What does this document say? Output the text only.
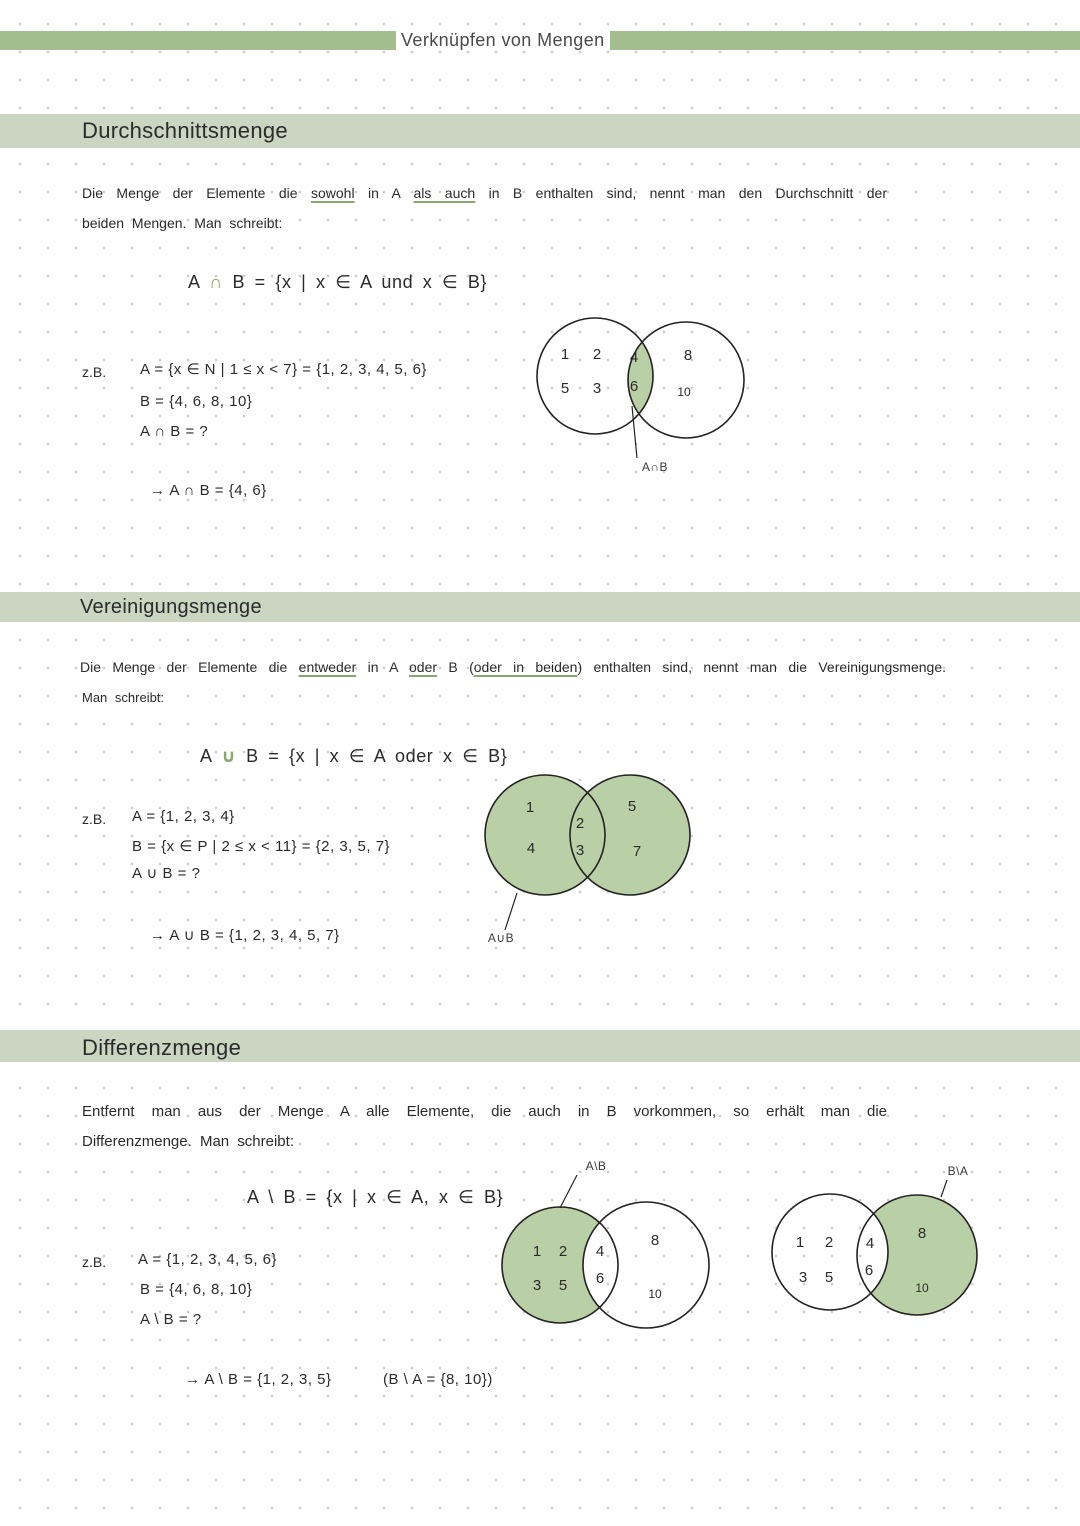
Verknüpfen von Mengen
Durchschnittsmenge
Die Menge der Elemente die sowohl in A als auch in B enthalten sind, nennt man den Durchschnitt der
beiden Mengen. Man schreibt:
A ∩ B = {x | x ∈ A und x ∈ B}
z.B. A = {x ∈ N | 1 ≤ x < 7} = {1, 2, 3, 4, 5, 6}
B = {4, 6, 8, 10}
A ∩ B = ?
→ A ∩ B = {4, 6}
Vereinigungsmenge
Die Menge der Elemente die entweder in A oder B (oder in beiden) enthalten sind, nennt man die Vereinigungsmenge.
Man schreibt:
A ∪ B = {x | x ∈ A oder x ∈ B}
z.B. A = {1, 2, 3, 4}
B = {x ∈ P | 2 ≤ x < 11} = {2, 3, 5, 7}
A ∪ B = ?
→ A ∪ B = {1, 2, 3, 4, 5, 7}
Differenzmenge
Entfernt man aus der Menge A alle Elemente, die auch in B vorkommen, so erhält man die
Differenzmenge. Man schreibt:
A \ B = {x | x ∈ A, x ∈ B}
z.B. A = {1, 2, 3, 4, 5, 6}
B = {4, 6, 8, 10}
A \ B = ?
→ A \ B = {1, 2, 3, 5}	(B \ A = {8, 10})
1 2
5 3
4
6
8
10
A∩B
1
4
2
3
5
7
A∪B
1 2
3 5
4
6
8
10
A\B
1 2
3 5
4
6
8
10
B\A
